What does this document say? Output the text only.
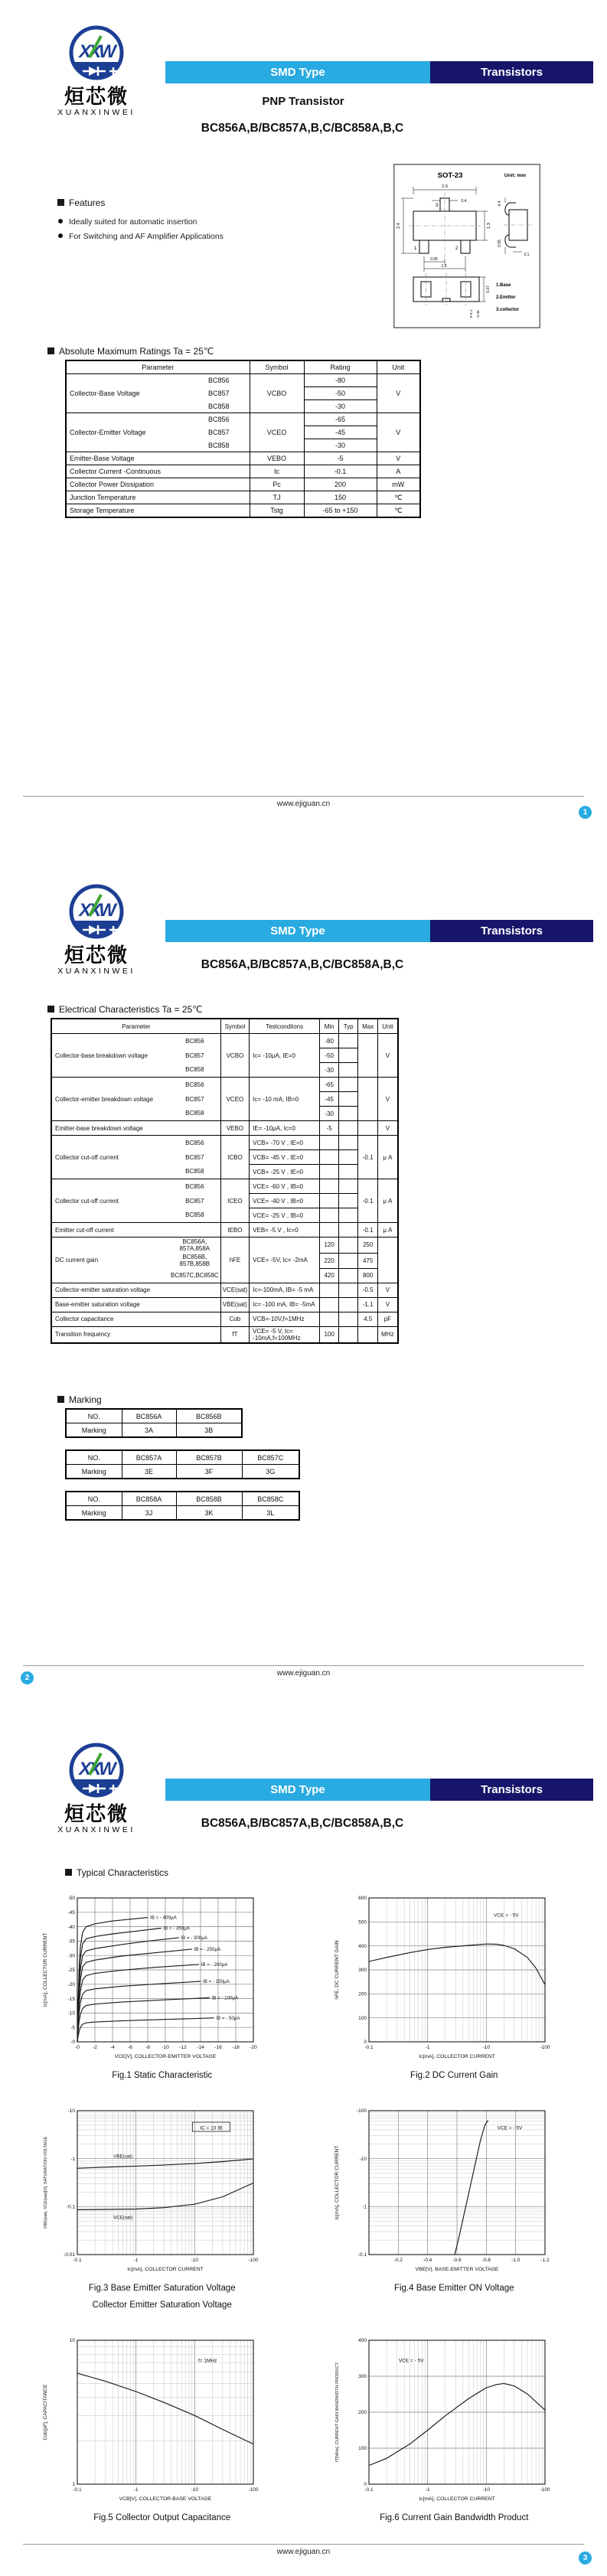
XXW
烜芯微
XUANXINWEI
SMD Type	Transistors
PNP Transistor
BC856A,B/BC857A,B,C/BC858A,B,C
Features
Ideally suited for automatic insertion
For Switching and AF Amplifier Applications
SOT-23	Unit: mm
3
1	2
2.9
0.4
2.4	1.3
0.95
1.9
0.4
0.55
0.1
0.37
0-0.1 0.36
1.Base
2.Emitter
3.collector
Absolute Maximum Ratings Ta = 25℃
Parameter		Symbol	Rating	Unit
Collector-Base Voltage	BC856	VCBO	-80	V
	BC857		-50	
	BC858		-30	
Collector-Emitter Voltage	BC856	VCEO	-65	V
	BC857		-45	
	BC858		-30	
Emitter-Base Voltage		VEBO	-5	V
Collector Current -Continuous		Ic	-0.1	A
Collector Power Dissipation		Pc	200	mW
Junction Temperature		TJ	150	℃
Storage Temperature		Tstg	-65 to +150	℃
www.ejiguan.cn
1
XXW
烜芯微
XUANXINWEI
SMD Type	Transistors
BC856A,B/BC857A,B,C/BC858A,B,C
Electrical Characteristics Ta = 25℃
Parameter		Symbol	Testconditons	Min	Typ	Max	Unit
Collector-base breakdown voltage	BC856	VCBO	Ic= -10μA, IE=0	-80			V
	BC857			-50			
	BC858			-30			
Collector-emitter breakdown voltage	BC856	VCEO	Ic= -10 mA, IB=0	-65			V
	BC857			-45			
	BC858			-30			
Emitter-base breakdown voltage		VEBO	IE= -10μA, Ic=0	-5			V
Collector cut-off current	BC856	ICBO	VCB= -70 V , IE=0			-0.1	μ A
	BC857		VCB= -45 V , IE=0				
	BC858		VCB= -25 V , IE=0				
Collector cut-off current	BC856	ICEO	VCE= -60 V , IB=0			-0.1	μ A
	BC857		VCE= -40 V , IB=0				
	BC858		VCE= -25 V , IB=0				
Emitter cut-off current		IEBO	VEB= -5 V , Ic=0			-0.1	μ A
DC current gain	BC856A, 857A,858A	hFE	VCE= -5V, Ic= -2mA	120		250	
	BC856B, 857B,858B			220		475	
	BC857C,BC858C			420		800	
Collector-emitter saturation voltage		VCE(sat)	Ic=-100mA, IB= -5 mA			-0.5	V
Base-emitter saturation voltage		VBE(sat)	Ic= -100 mA, IB= -5mA			-1.1	V
Collector capacitance		Cob	VCB=-10V,f=1MHz			4.5	pF
Transition frequency		fT	VCE= -5 V, Ic= -10mA,f=100MHz	100			MHz
Marking
NO.	BC856A	BC856B
Marking	3A	3B
NO.	BC857A	BC857B	BC857C
Marking	3E	3F	3G
NO.	BC858A	BC858B	BC858C
Marking	3J	3K	3L
www.ejiguan.cn
2
XXW
烜芯微
XUANXINWEI
SMD Type	Transistors
BC856A,B/BC857A,B,C/BC858A,B,C
Typical Characteristics
-0	-2	-4	-6	-8 -10 -12 -14 -16 -18 -20
-0
-5
-10
-15
-20
-25
-30
-35
-40
-45
-50
VCE[V], COLLECTOR-EMITTER VOLTAGE
Ic[mA], COLLECTOR CURRENT
IB = - 400μA
IB = - 350μA
IB = - 300μA
IB = - 250μA
IB = - 200μA
IB = - 150μA
IB = - 100μA
IB = - 50μA
Fig.1 Static Characteristic
-0.1	-1	-10	-100
0
100
200
300
400
500
600
Ic[mA], COLLECTOR CURRENT
hFE, DC CURRENT GAIN
VCE = - 5V
Fig.2 DC Current Gain
-0.1	-1	-10	-100
-0.01
-0.1
-1
-10
Ic[mA], COLLECTOR CURRENT
VBE(sat), VCE(sat)[V], SATURATION VOLTAGE	VBE(sat)
VCE(sat)
IC = 10 IB
Fig.3 Base Emitter Saturation Voltage
Collector Emitter Saturation Voltage
-0.2	-0.4	-0.6	-0.8	-1.0	-1.2
-0.1
-1
-10
-100
VBE[V], BASE-EMITTER VOLTAGE
Ic[mA], COLLECTOR CURRENT
VCE = - 5V
Fig.4 Base Emitter ON Voltage
-0.1	-1	-10	-100
1
10
VCB[V], COLLECTOR-BASE VOLTAGE
Cob[pF], CAPACITANCE
f= 1MHz
Fig.5 Collector Output Capacitance
-0.1	-1	-10	-100
0
100
200
300
400
Ic[mA], COLLECTOR CURRENT
fT[MHz], CURRENT GAIN BANDWIDTH PRODUCT
VCE = - 5V
Fig.6 Current Gain Bandwidth Product
www.ejiguan.cn
3
